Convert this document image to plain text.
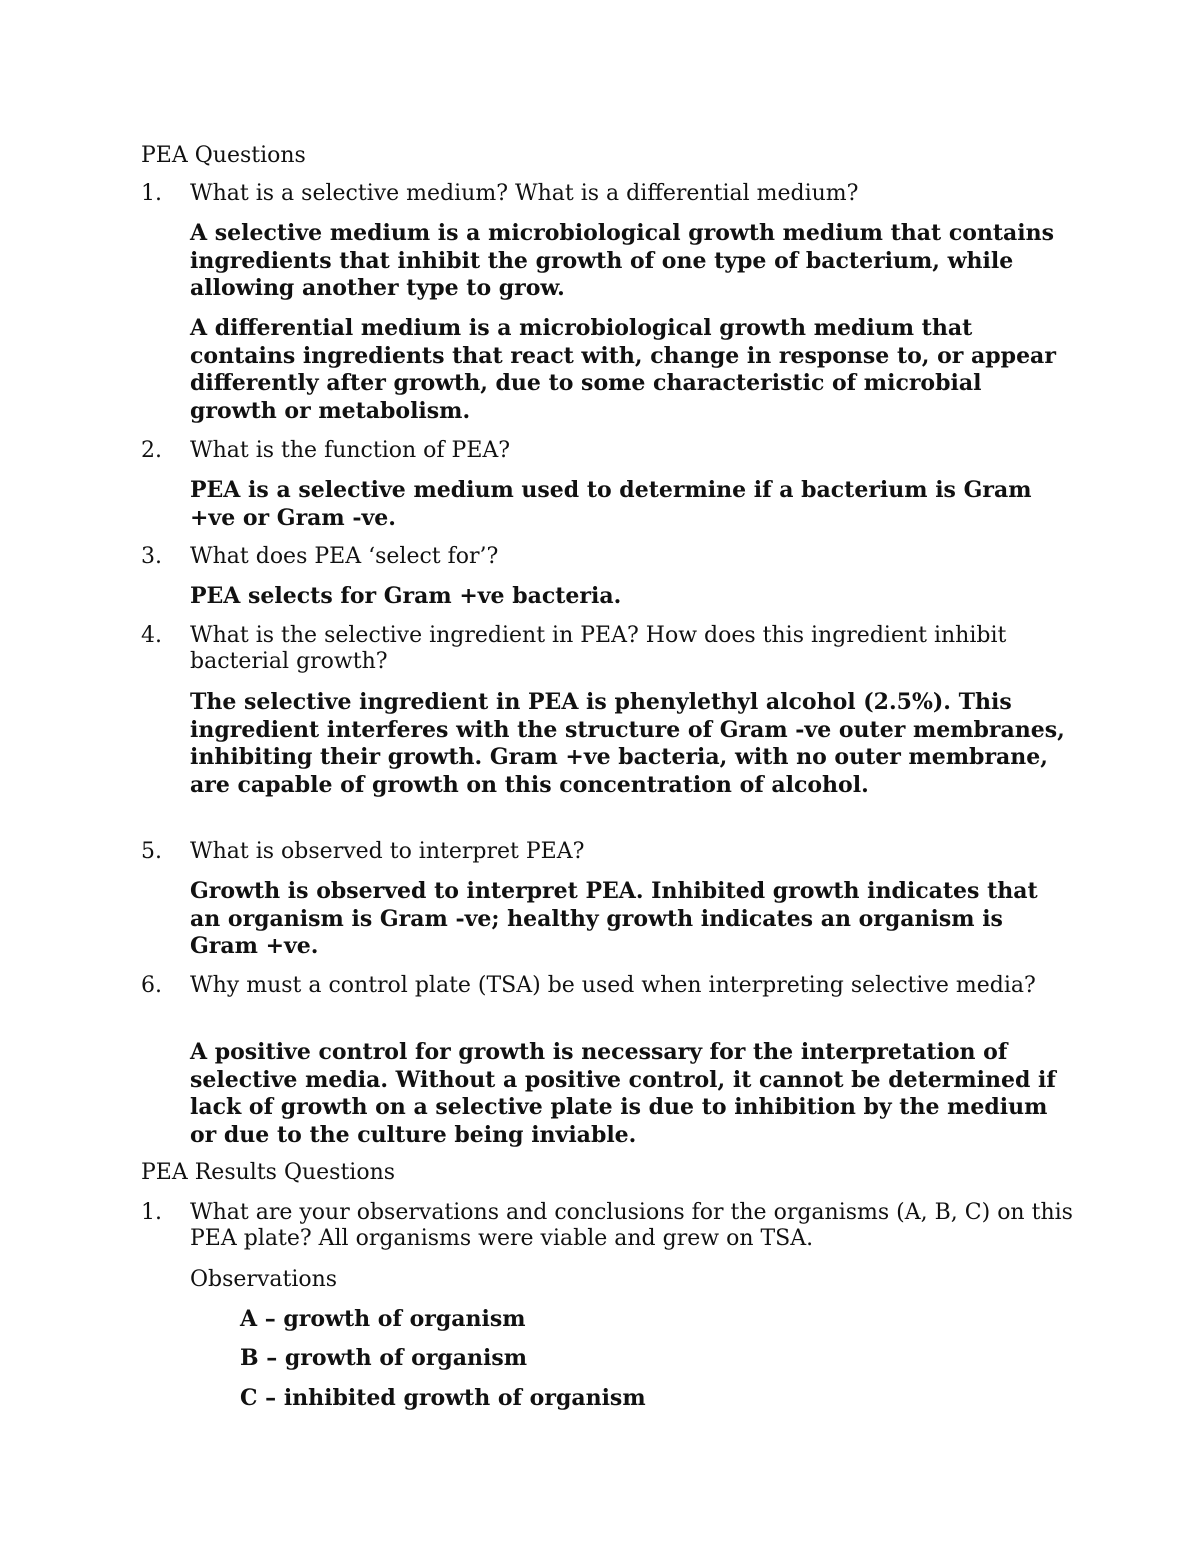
PEA Questions
1.	What is a selective medium? What is a differential medium?
A selective medium is a microbiological growth medium that contains ingredients that inhibit the growth of one type of bacterium, while allowing another type to grow.
A differential medium is a microbiological growth medium that contains ingredients that react with, change in response to, or appear differently after growth, due to some characteristic of microbial growth or metabolism.
2.	What is the function of PEA?
PEA is a selective medium used to determine if a bacterium is Gram +ve or Gram -ve.
3.	What does PEA ‘select for’?
PEA selects for Gram +ve bacteria.
4.	What is the selective ingredient in PEA? How does this ingredient inhibit bacterial growth?
The selective ingredient in PEA is phenylethyl alcohol (2.5%). This ingredient interferes with the structure of Gram -ve outer membranes, inhibiting their growth. Gram +ve bacteria, with no outer membrane, are capable of growth on this concentration of alcohol.
5.	What is observed to interpret PEA?
Growth is observed to interpret PEA. Inhibited growth indicates that an organism is Gram -ve; healthy growth indicates an organism is Gram +ve.
6.	Why must a control plate (TSA) be used when interpreting selective media?
A positive control for growth is necessary for the interpretation of selective media. Without a positive control, it cannot be determined if lack of growth on a selective plate is due to inhibition by the medium or due to the culture being inviable.
PEA Results Questions
1.	What are your observations and conclusions for the organisms (A, B, C) on this PEA plate? All organisms were viable and grew on TSA.
Observations
A – growth of organism
B – growth of organism
C – inhibited growth of organism
